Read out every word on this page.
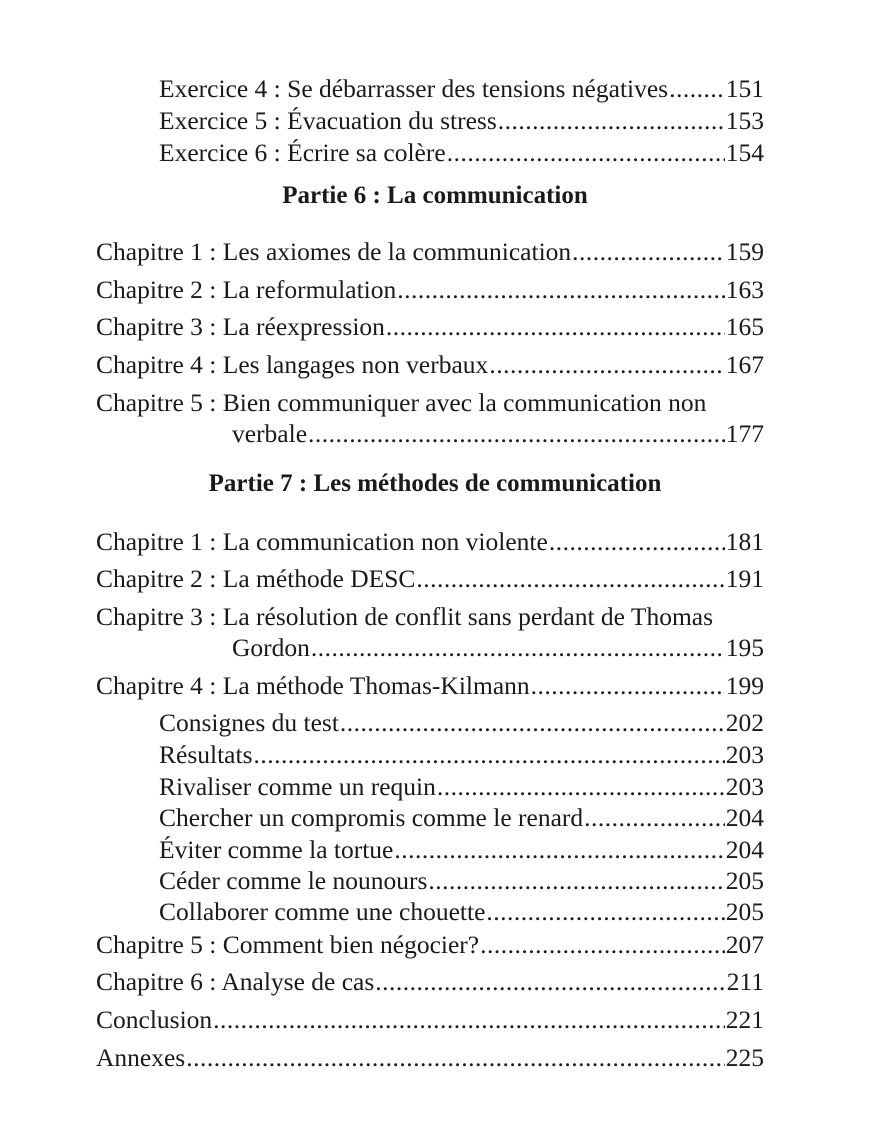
Exercice 4 : Se débarrasser des tensions négatives ..... 151
Exercice 5 : Évacuation du stress .....	153
Exercice 6 : Écrire sa colère .....	154
Partie 6 : La communication
Chapitre 1 : Les axiomes de la communication .....	159
Chapitre 2 : La reformulation .....	163
Chapitre 3 : La réexpression .....	165
Chapitre 4 : Les langages non verbaux .....	167
Chapitre 5 : Bien communiquer avec la communication non
verbale .....	177
Partie 7 : Les méthodes de communication
Chapitre 1 : La communication non violente .....	181
Chapitre 2 : La méthode DESC .....	191
Chapitre 3 : La résolution de conflit sans perdant de Thomas
Gordon .....	195
Chapitre 4 : La méthode Thomas-Kilmann .....	199
Consignes du test .....	202
Résultats .....	203
Rivaliser comme un requin .....	203
Chercher un compromis comme le renard .....	204
Éviter comme la tortue .....	204
Céder comme le nounours .....	205
Collaborer comme une chouette .....	205
Chapitre 5 : Comment bien négocier? .....	207
Chapitre 6 : Analyse de cas .....	211
Conclusion .....	221
Annexes .....	225
